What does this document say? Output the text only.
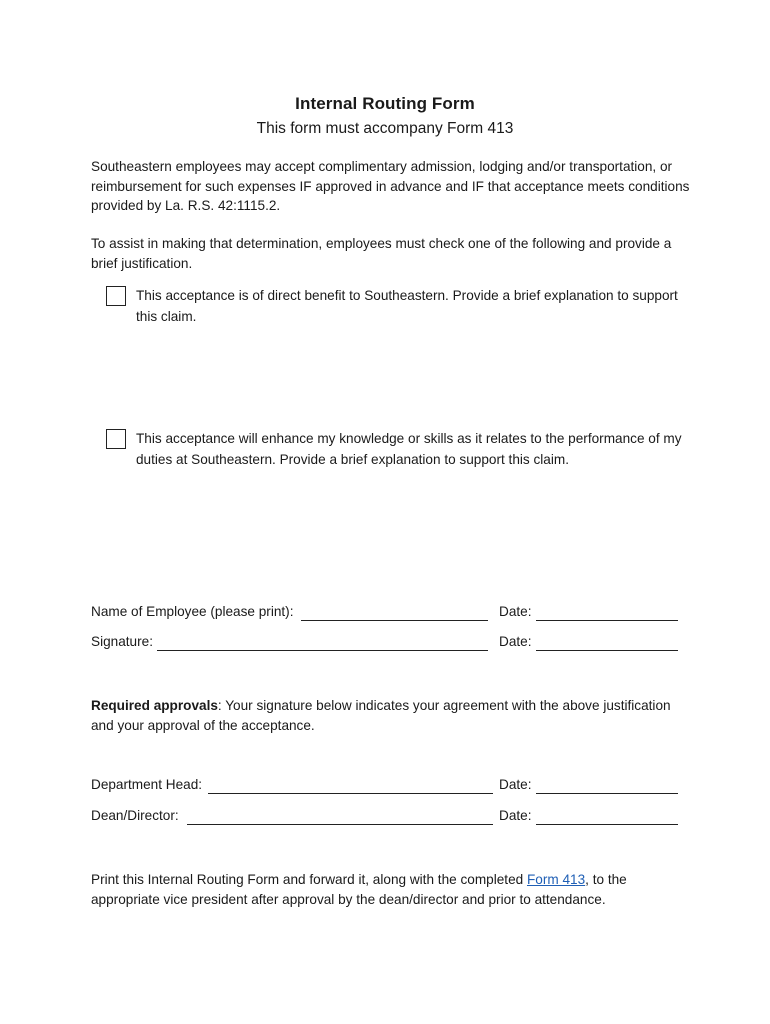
Internal Routing Form
This form must accompany Form 413

Southeastern employees may accept complimentary admission, lodging and/or transportation, or reimbursement for such expenses IF approved in advance and IF that acceptance meets conditions provided by La. R.S. 42:1115.2.

To assist in making that determination, employees must check one of the following and provide a brief justification.

This acceptance is of direct benefit to Southeastern. Provide a brief explanation to support this claim.
This acceptance will enhance my knowledge or skills as it relates to the performance of my duties at Southeastern. Provide a brief explanation to support this claim.
Name of Employee (please print):	Date:
Signature:	Date:

Required approvals: Your signature below indicates your agreement with the above justification and your approval of the acceptance.

Department Head:	Date:
Dean/Director:	Date:

Print this Internal Routing Form and forward it, along with the completed Form 413, to the appropriate vice president after approval by the dean/director and prior to attendance.
